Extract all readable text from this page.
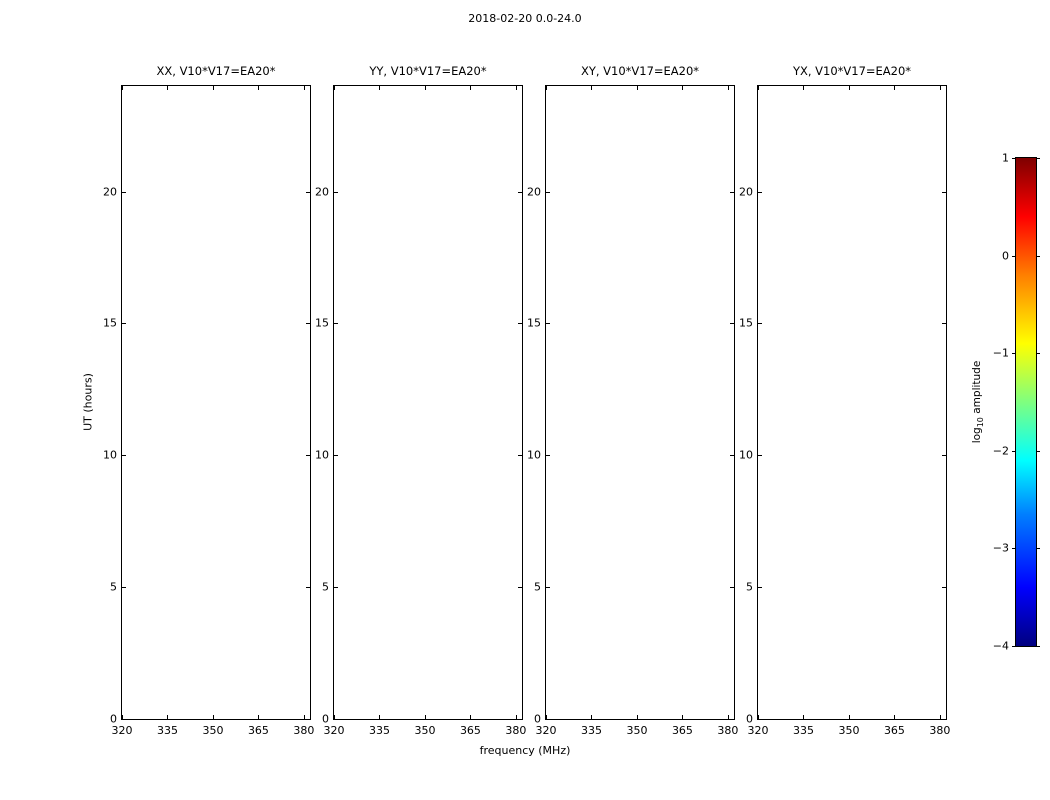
2018-02-20 0.0-24.0
XX, V10*V17=EA20*
0
5
10
15
20
320 335 350 365 380
YY, V10*V17=EA20*
0
5
10
15
20
320 335 350 365 380
XY, V10*V17=EA20*
0
5
10
15
20
320 335 350 365 380
YX, V10*V17=EA20*
0
5
10
15
20
320 335 350 365 380
UT (hours)
frequency (MHz)
−4
−3
−2
−1
0
1
$\log_{10}$ amplitude
